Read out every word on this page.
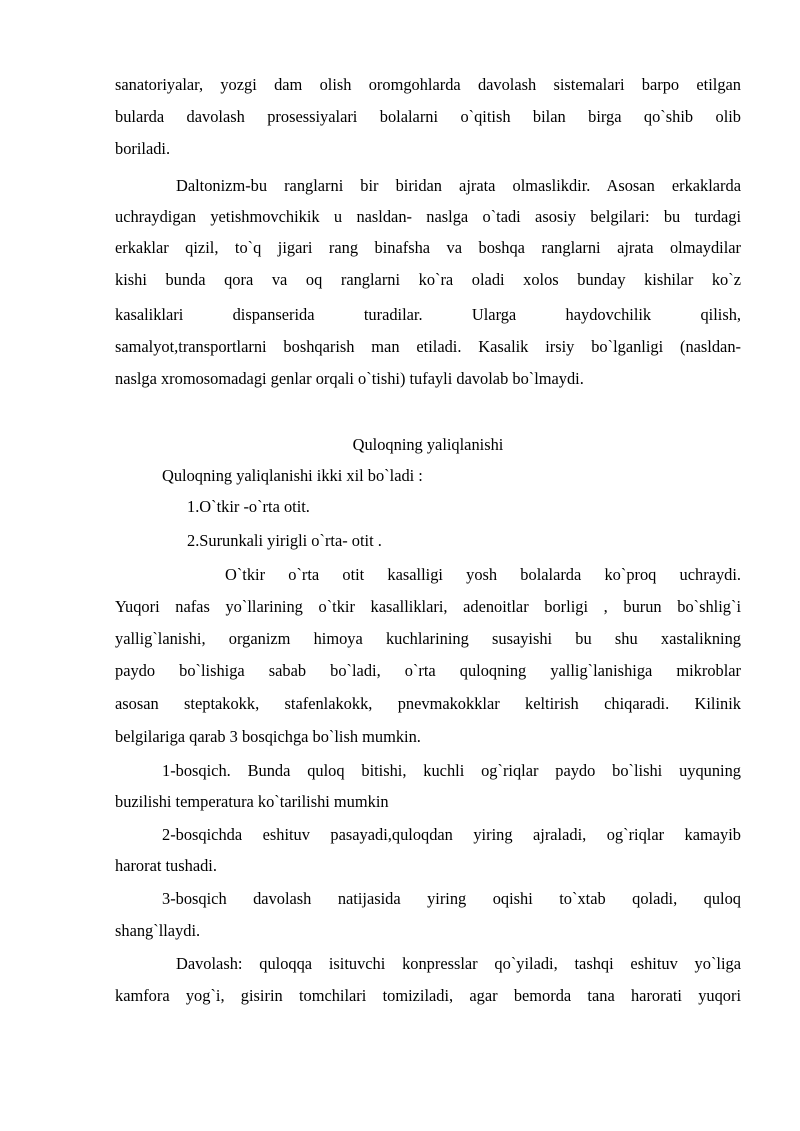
sanatoriyalar, yozgi dam olish oromgohlarda davolash sistemalari barpo etilgan
bularda davolash prosessiyalari bolalarni o`qitish bilan birga qo`shib olib
boriladi.
Daltonizm-bu ranglarni bir biridan ajrata olmaslikdir. Asosan erkaklarda
uchraydigan yetishmovchikik u nasldan- naslga o`tadi asosiy belgilari: bu turdagi
erkaklar qizil, to`q jigari rang binafsha va boshqa ranglarni ajrata olmaydilar
kishi bunda qora va oq ranglarni ko`ra oladi xolos bunday kishilar ko`z
kasaliklari dispanserida turadilar. Ularga haydovchilik qilish,
samalyot,transportlarni boshqarish man etiladi. Kasalik irsiy bo`lganligi (nasldan-
naslga xromosomadagi genlar orqali o`tishi) tufayli davolab bo`lmaydi.
Quloqning yaliqlanishi
Quloqning yaliqlanishi ikki xil bo`ladi :
1.O`tkir -o`rta otit.
2.Surunkali yirigli o`rta- otit .
O`tkir o`rta otit kasalligi yosh bolalarda ko`proq uchraydi.
Yuqori nafas yo`llarining o`tkir kasalliklari, adenoitlar borligi , burun bo`shlig`i
yallig`lanishi, organizm himoya kuchlarining susayishi bu shu xastalikning
paydo bo`lishiga sabab bo`ladi, o`rta quloqning yallig`lanishiga mikroblar
asosan steptakokk, stafenlakokk, pnevmakokklar keltirish chiqaradi. Kilinik
belgilariga qarab 3 bosqichga bo`lish mumkin.
1-bosqich. Bunda quloq bitishi, kuchli og`riqlar paydo bo`lishi uyquning
buzilishi temperatura ko`tarilishi mumkin
2-bosqichda eshituv pasayadi,quloqdan yiring ajraladi, og`riqlar kamayib
harorat tushadi.
3-bosqich davolash natijasida yiring oqishi to`xtab qoladi, quloq
shang`llaydi.
Davolash: quloqqa isituvchi konpresslar qo`yiladi, tashqi eshituv yo`liga
kamfora yog`i, gisirin tomchilari tomiziladi, agar bemorda tana harorati yuqori
